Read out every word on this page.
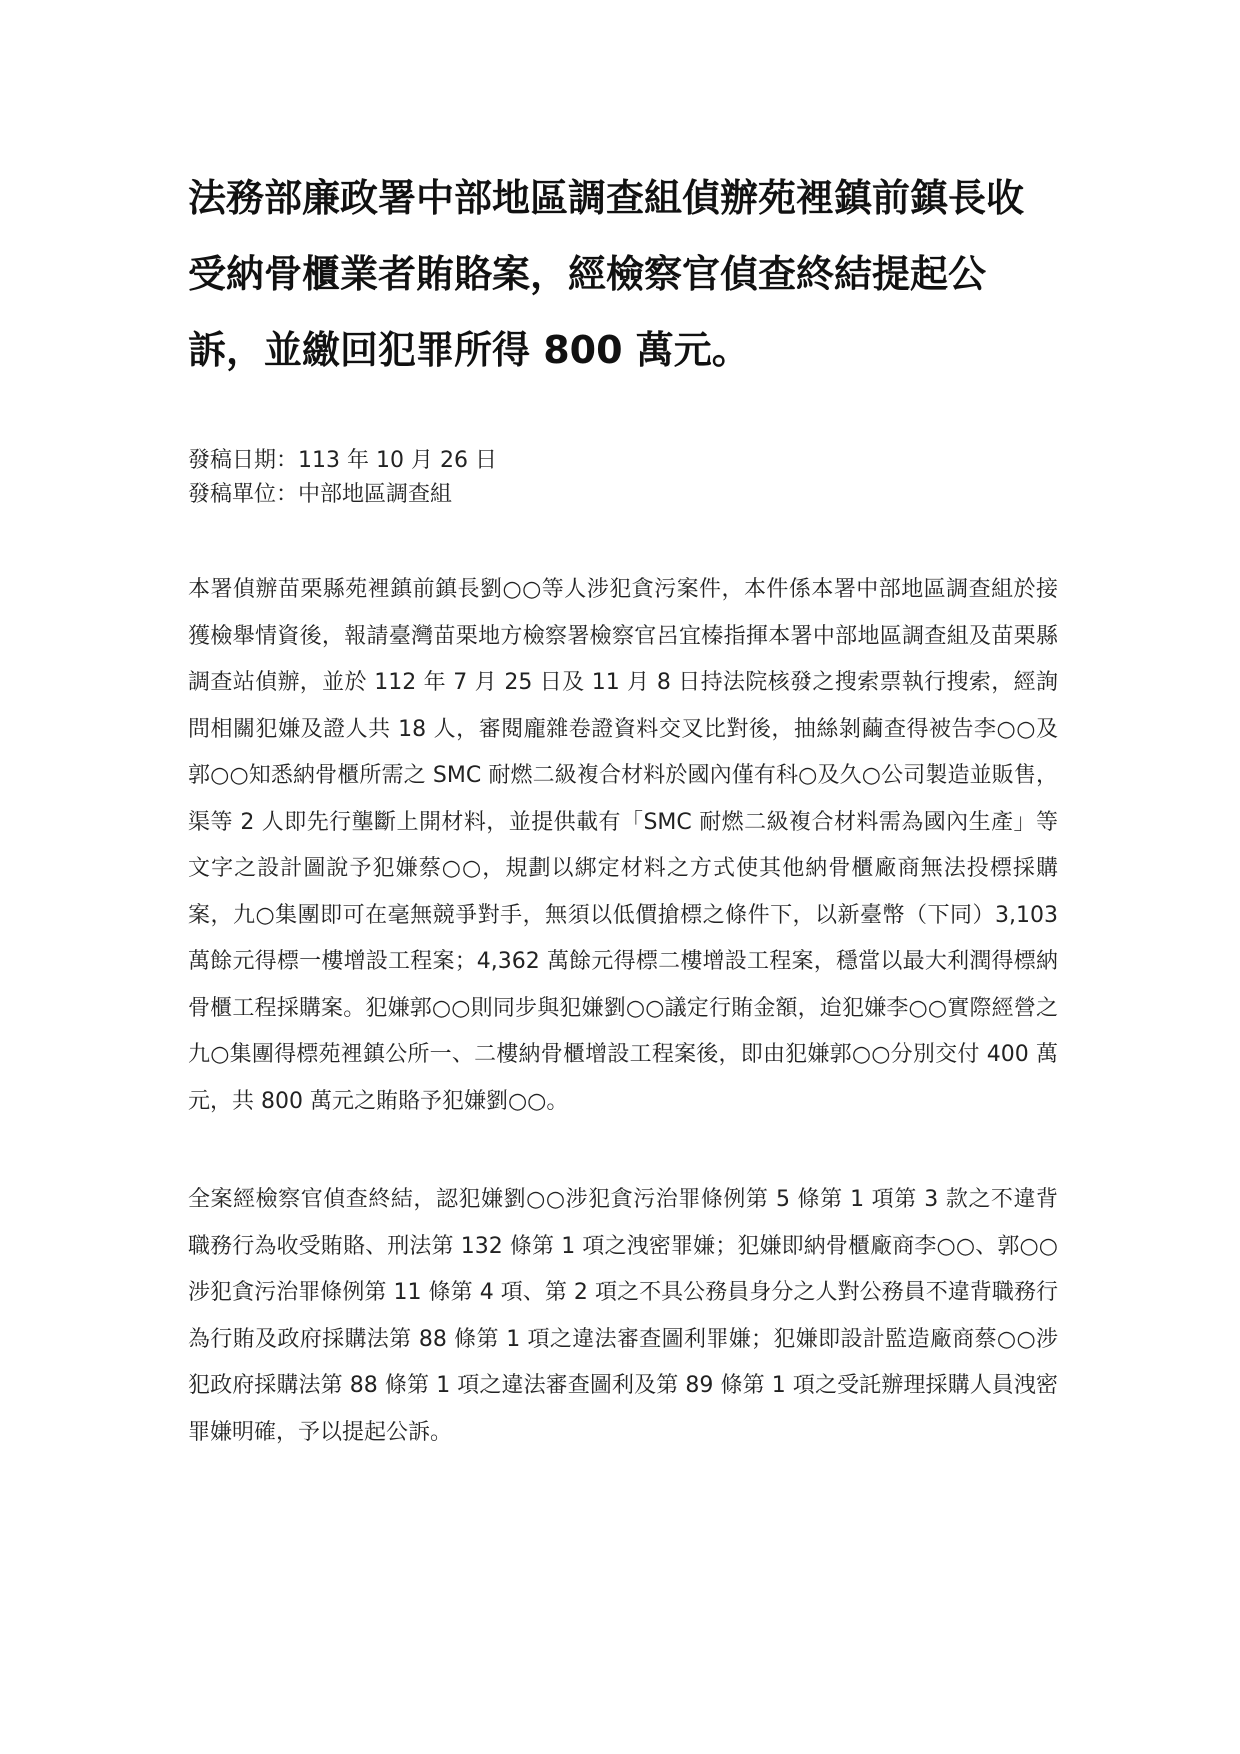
法務部廉政署中部地區調查組偵辦苑裡鎮前鎮長收受納骨櫃業者賄賂案，經檢察官偵查終結提起公訴，並繳回犯罪所得 800 萬元。
發稿日期：113 年 10 月 26 日
發稿單位：中部地區調查組

本署偵辦苗栗縣苑裡鎮前鎮長劉○○等人涉犯貪污案件，本件係本署中部地區調查組於接獲檢舉情資後，報請臺灣苗栗地方檢察署檢察官呂宜榛指揮本署中部地區調查組及苗栗縣調查站偵辦，並於 112 年 7 月 25 日及 11 月 8 日持法院核發之搜索票執行搜索，經詢問相關犯嫌及證人共 18 人，審閱龐雜卷證資料交叉比對後，抽絲剝繭查得被告李○○及郭○○知悉納骨櫃所需之 SMC 耐燃二級複合材料於國內僅有科○及久○公司製造並販售，渠等 2 人即先行壟斷上開材料，並提供載有「SMC 耐燃二級複合材料需為國內生產」等文字之設計圖說予犯嫌蔡○○，規劃以綁定材料之方式使其他納骨櫃廠商無法投標採購案，九○集團即可在毫無競爭對手，無須以低價搶標之條件下，以新臺幣（下同）3,103 萬餘元得標一樓增設工程案；4,362 萬餘元得標二樓增設工程案，穩當以最大利潤得標納骨櫃工程採購案。犯嫌郭○○則同步與犯嫌劉○○議定行賄金額，迨犯嫌李○○實際經營之九○集團得標苑裡鎮公所一、二樓納骨櫃增設工程案後，即由犯嫌郭○○分別交付 400 萬元，共 800 萬元之賄賂予犯嫌劉○○。

全案經檢察官偵查終結，認犯嫌劉○○涉犯貪污治罪條例第 5 條第 1 項第 3 款之不違背職務行為收受賄賂、刑法第 132 條第 1 項之洩密罪嫌；犯嫌即納骨櫃廠商李○○、郭○○涉犯貪污治罪條例第 11 條第 4 項、第 2 項之不具公務員身分之人對公務員不違背職務行為行賄及政府採購法第 88 條第 1 項之違法審查圖利罪嫌；犯嫌即設計監造廠商蔡○○涉犯政府採購法第 88 條第 1 項之違法審查圖利及第 89 條第 1 項之受託辦理採購人員洩密罪嫌明確，予以提起公訴。
